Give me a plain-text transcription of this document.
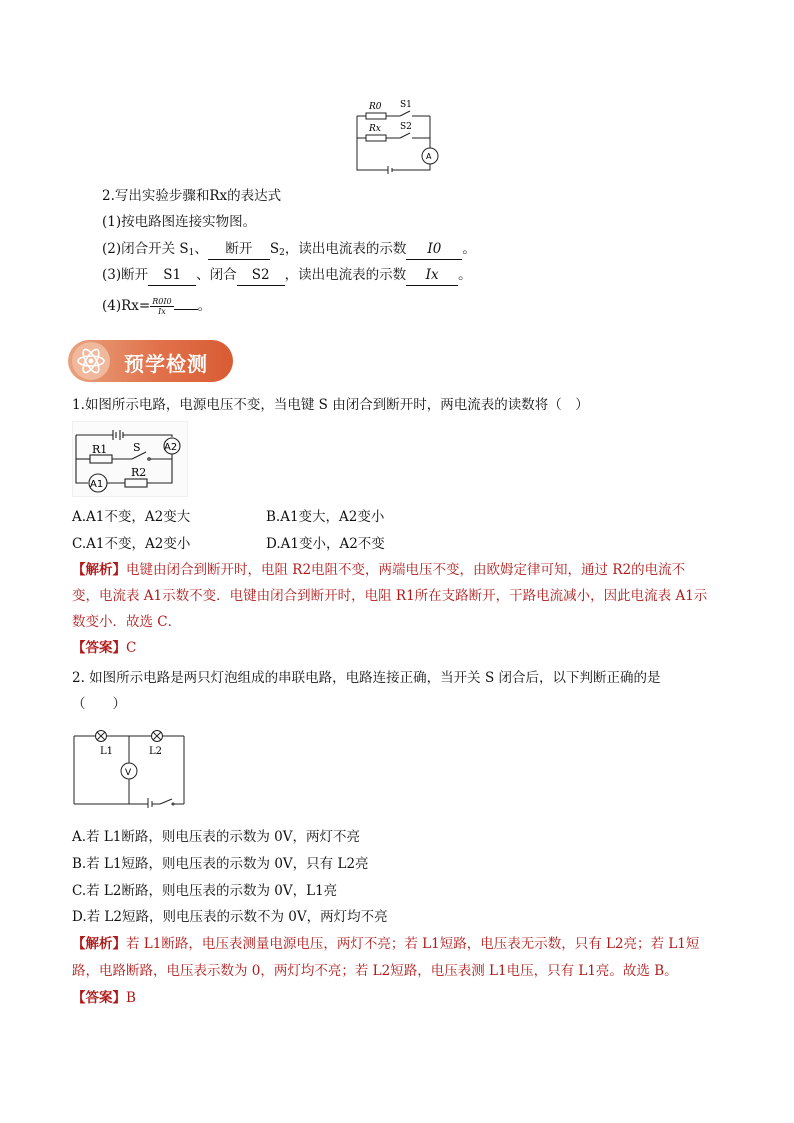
R0 S1
Rx S2
A
2.写出实验步骤和Rx的表达式
(1)按电路图连接实物图。
(2)闭合开关 $S_1$、 断开 $S_2$，读出电流表的示数 I0 。
(3)断开 S1 、闭合 S2 ，读出电流表的示数 Ix 。
$(4)Rx= \frac{R0I0}{Ix}$ 。
预学检测
1.如图所示电路，电源电压不变，当电键 S 由闭合到断开时，两电流表的读数将（　）
R1 S
R2
A1
A2
A.A1不变，A2变大	B.A1变大，A2变小
C.A1不变，A2变小	D.A1变小，A2不变
【解析】电键由闭合到断开时，电阻 R2电阻不变，两端电压不变，由欧姆定律可知，通过 R2的电流不
变，电流表 A1示数不变．电键由闭合到断开时，电阻 R1所在支路断开，干路电流减小，因此电流表 A1示
数变小．故选 C．
【答案】C
2. 如图所示电路是两只灯泡组成的串联电路，电路连接正确，当开关 S 闭合后，以下判断正确的是
（　　）
L1	L2
V
A.若 L1断路，则电压表的示数为 0V，两灯不亮
B.若 L1短路，则电压表的示数为 0V，只有 L2亮
C.若 L2断路，则电压表的示数为 0V，L1亮
D.若 L2短路，则电压表的示数不为 0V，两灯均不亮
【解析】若 L1断路，电压表测量电源电压，两灯不亮；若 L1短路，电压表无示数，只有 L2亮；若 L1短
路，电路断路，电压表示数为 0，两灯均不亮；若 L2短路，电压表测 L1电压，只有 L1亮。故选 B。
【答案】B
